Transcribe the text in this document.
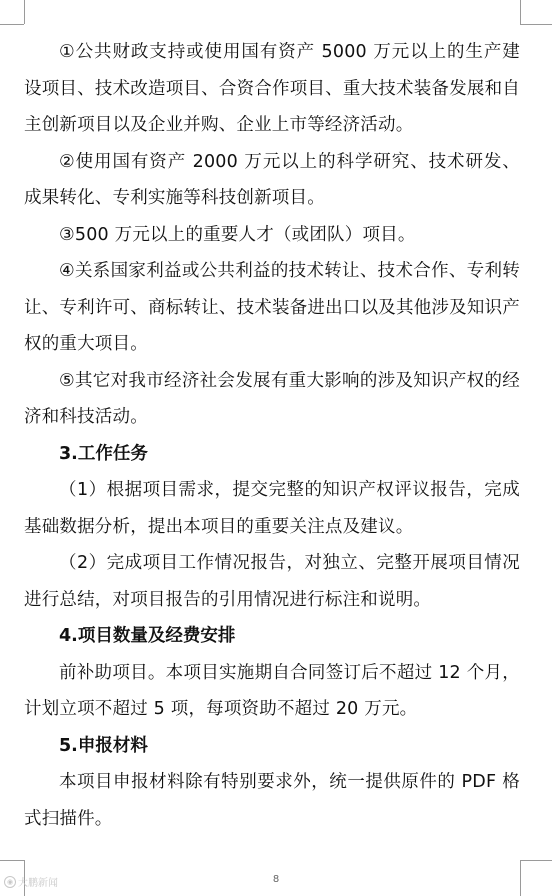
①公共财政支持或使用国有资产 5000 万元以上的生产建设项目、技术改造项目、合资合作项目、重大技术装备发展和自主创新项目以及企业并购、企业上市等经济活动。

②使用国有资产 2000 万元以上的科学研究、技术研发、成果转化、专利实施等科技创新项目。

③500 万元以上的重要人才（或团队）项目。

④关系国家利益或公共利益的技术转让、技术合作、专利转让、专利许可、商标转让、技术装备进出口以及其他涉及知识产权的重大项目。

⑤其它对我市经济社会发展有重大影响的涉及知识产权的经济和科技活动。

3.工作任务

（1）根据项目需求，提交完整的知识产权评议报告，完成基础数据分析，提出本项目的重要关注点及建议。

（2）完成项目工作情况报告，对独立、完整开展项目情况进行总结，对项目报告的引用情况进行标注和说明。

4.项目数量及经费安排

前补助项目。本项目实施期自合同签订后不超过 12 个月，计划立项不超过 5 项，每项资助不超过 20 万元。

5.申报材料

本项目申报材料除有特别要求外，统一提供原件的 PDF 格式扫描件。

◉ 大鹏新闻	8
